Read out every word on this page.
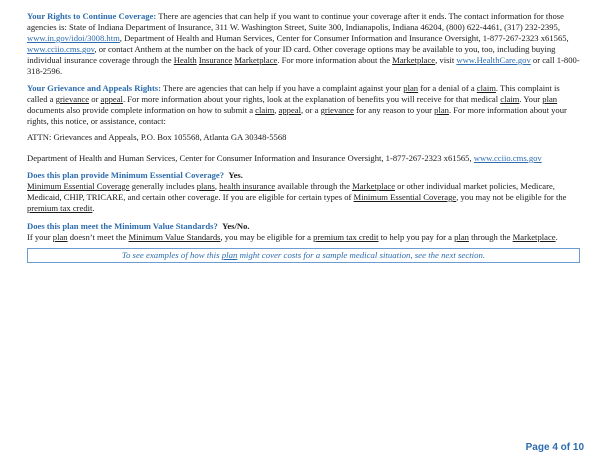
Your Rights to Continue Coverage: There are agencies that can help if you want to continue your coverage after it ends. The contact information for those agencies is: State of Indiana Department of Insurance, 311 W. Washington Street, Suite 300, Indianapolis, Indiana 46204, (800) 622-4461, (317) 232-2395, www.in.gov/idoi/3008.htm, Department of Health and Human Services, Center for Consumer Information and Insurance Oversight, 1-877-267-2323 x61565, www.cciio.cms.gov, or contact Anthem at the number on the back of your ID card. Other coverage options may be available to you, too, including buying individual insurance coverage through the Health Insurance Marketplace. For more information about the Marketplace, visit www.HealthCare.gov or call 1-800-318-2596.

Your Grievance and Appeals Rights: There are agencies that can help if you have a complaint against your plan for a denial of a claim. This complaint is called a grievance or appeal. For more information about your rights, look at the explanation of benefits you will receive for that medical claim. Your plan documents also provide complete information on how to submit a claim, appeal, or a grievance for any reason to your plan. For more information about your rights, this notice, or assistance, contact:

ATTN: Grievances and Appeals, P.O. Box 105568, Atlanta GA 30348-5568

Department of Health and Human Services, Center for Consumer Information and Insurance Oversight, 1-877-267-2323 x61565, www.cciio.cms.gov

Does this plan provide Minimum Essential Coverage? Yes.
Minimum Essential Coverage generally includes plans, health insurance available through the Marketplace or other individual market policies, Medicare, Medicaid, CHIP, TRICARE, and certain other coverage. If you are eligible for certain types of Minimum Essential Coverage, you may not be eligible for the premium tax credit.

Does this plan meet the Minimum Value Standards? Yes/No.
If your plan doesn’t meet the Minimum Value Standards, you may be eligible for a premium tax credit to help you pay for a plan through the Marketplace.

To see examples of how this plan might cover costs for a sample medical situation, see the next section.
Page 4 of 10
